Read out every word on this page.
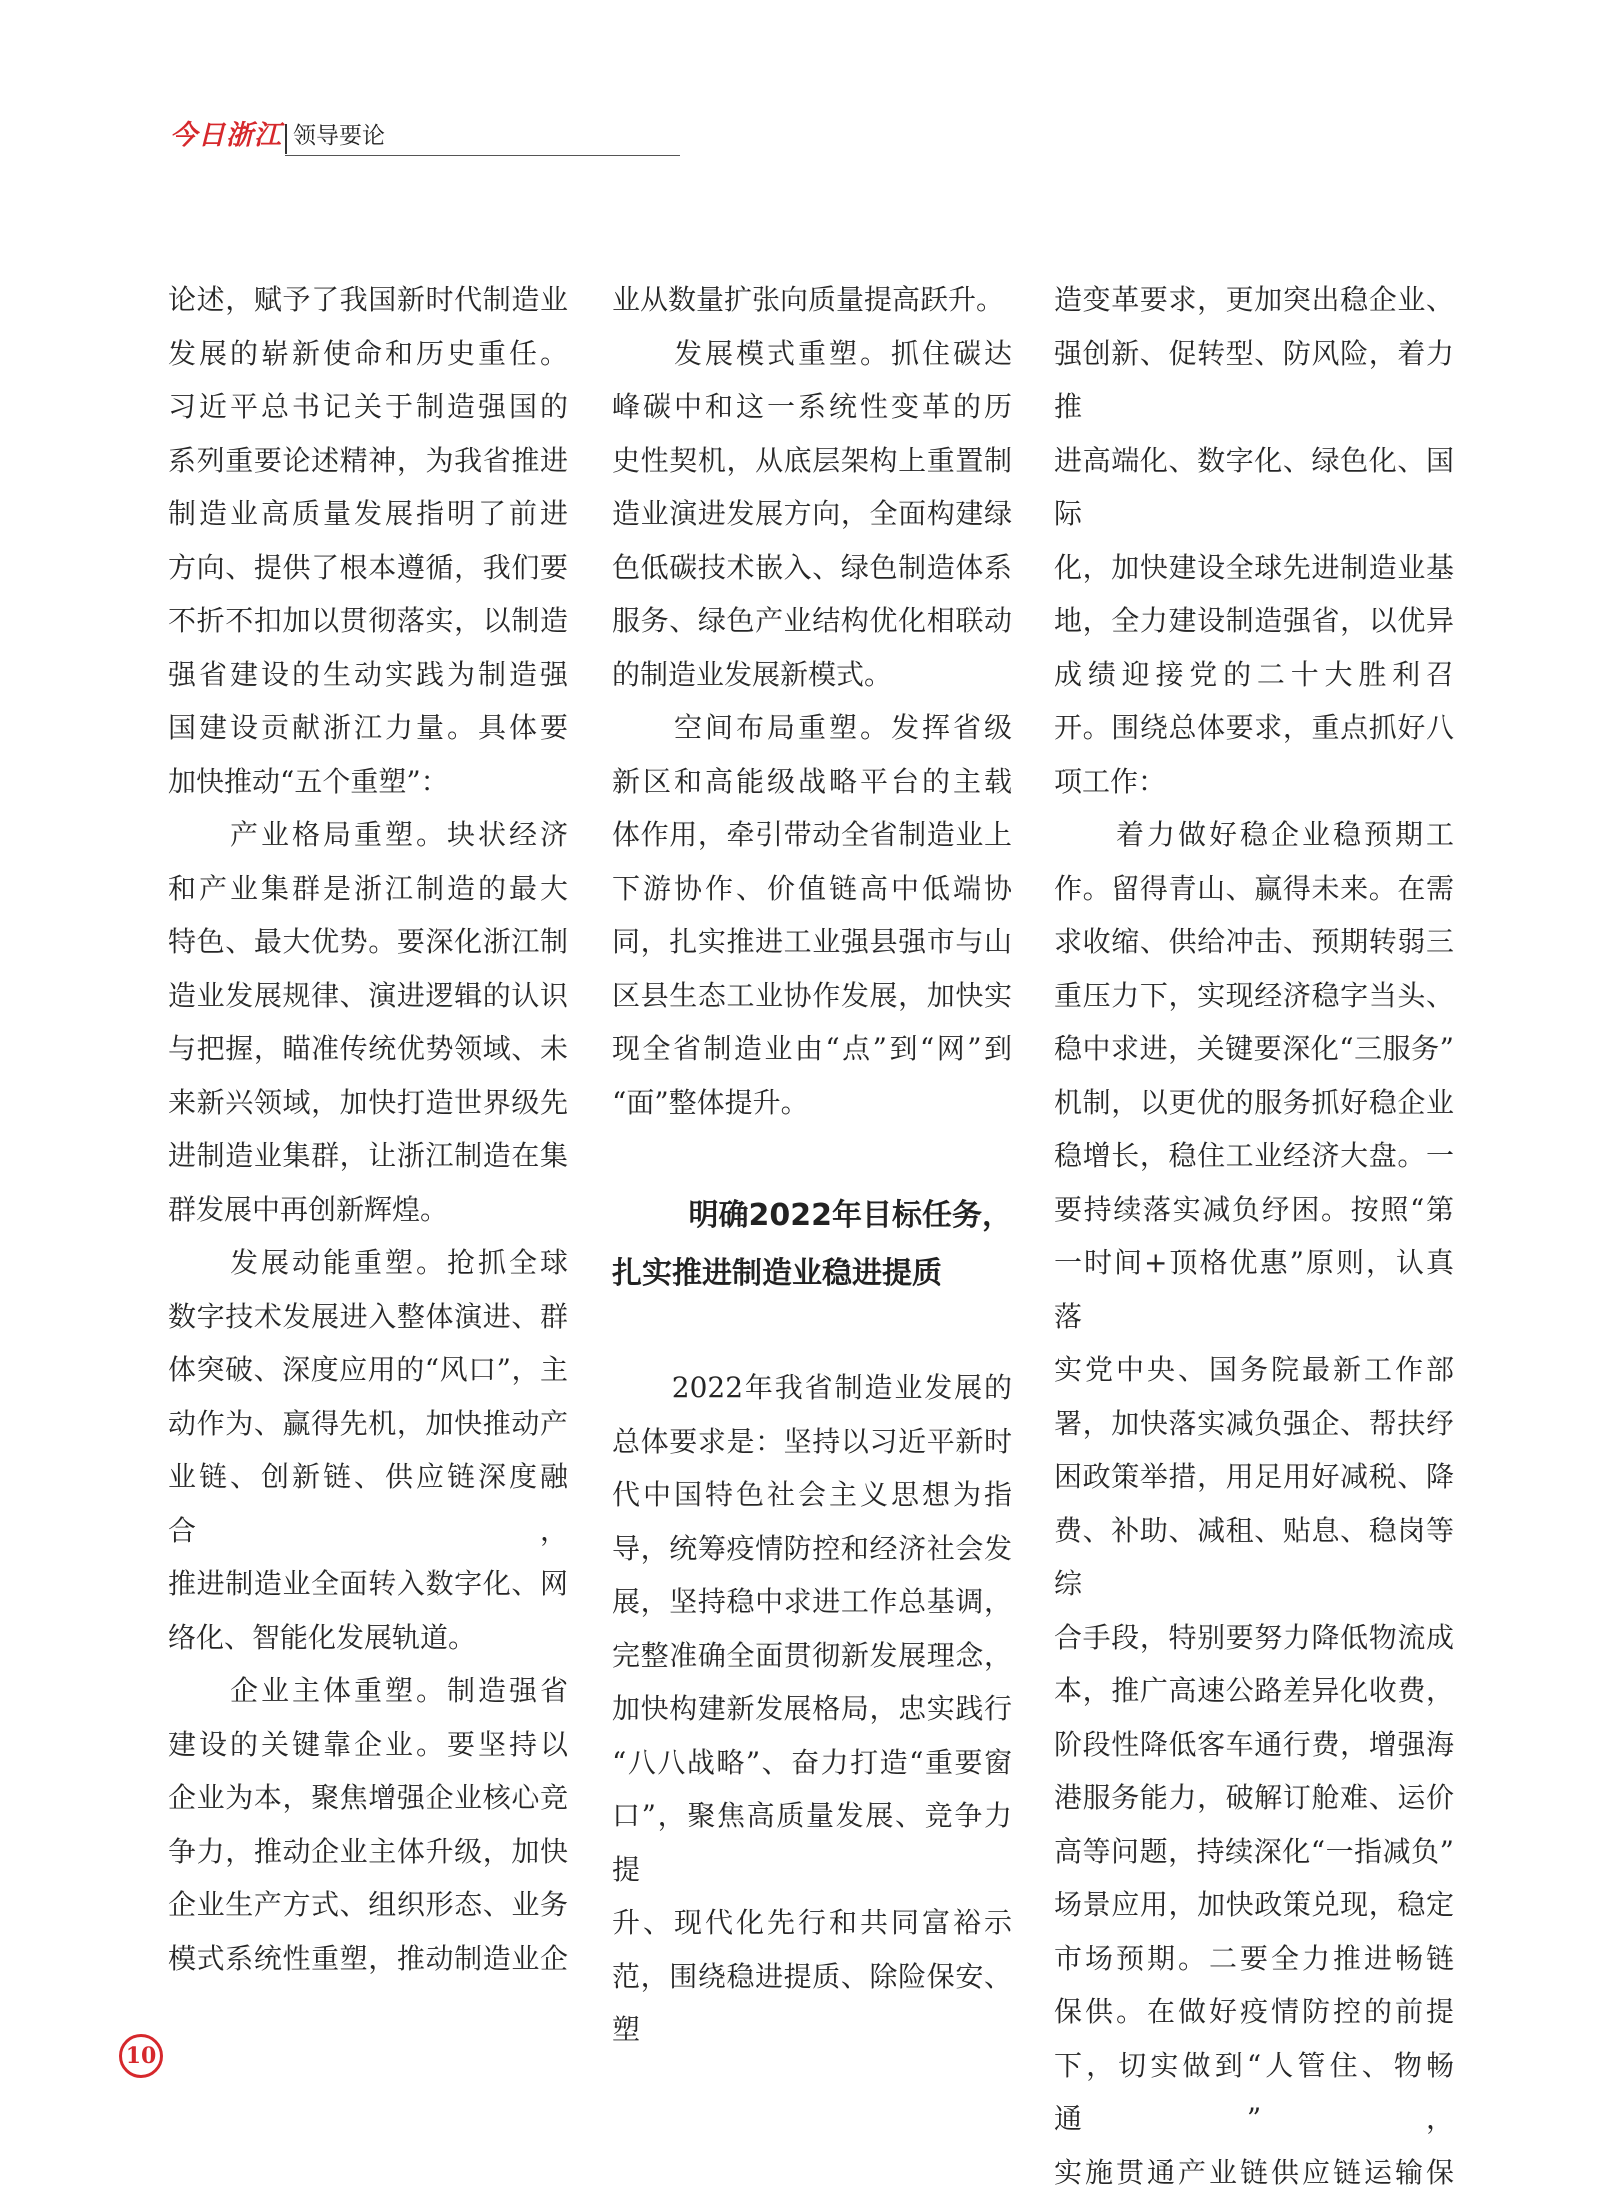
今日浙江 领导要论

论述，赋予了我国新时代制造业

发展的崭新使命和历史重任。

习近平总书记关于制造强国的

系列重要论述精神，为我省推进

制造业高质量发展指明了前进

方向、提供了根本遵循，我们要

不折不扣加以贯彻落实，以制造

强省建设的生动实践为制造强

国建设贡献浙江力量。具体要

加快推动“五个重塑”：

　　产业格局重塑。块状经济

和产业集群是浙江制造的最大

特色、最大优势。要深化浙江制

造业发展规律、演进逻辑的认识

与把握，瞄准传统优势领域、未

来新兴领域，加快打造世界级先

进制造业集群，让浙江制造在集

群发展中再创新辉煌。

　　发展动能重塑。抢抓全球

数字技术发展进入整体演进、群

体突破、深度应用的“风口”，主

动作为、赢得先机，加快推动产

业链、创新链、供应链深度融合，

推进制造业全面转入数字化、网

络化、智能化发展轨道。

　　企业主体重塑。制造强省

建设的关键靠企业。要坚持以

企业为本，聚焦增强企业核心竞

争力，推动企业主体升级，加快

企业生产方式、组织形态、业务

模式系统性重塑，推动制造业企

业从数量扩张向质量提高跃升。

　　发展模式重塑。抓住碳达

峰碳中和这一系统性变革的历

史性契机，从底层架构上重置制

造业演进发展方向，全面构建绿

色低碳技术嵌入、绿色制造体系

服务、绿色产业结构优化相联动

的制造业发展新模式。

　　空间布局重塑。发挥省级

新区和高能级战略平台的主载

体作用，牵引带动全省制造业上

下游协作、价值链高中低端协

同，扎实推进工业强县强市与山

区县生态工业协作发展，加快实

现全省制造业由“点”到“网”到

“面”整体提升。

明确2022年目标任务，

扎实推进制造业稳进提质

　　2022年我省制造业发展的

总体要求是：坚持以习近平新时

代中国特色社会主义思想为指

导，统筹疫情防控和经济社会发

展，坚持稳中求进工作总基调，

完整准确全面贯彻新发展理念，

加快构建新发展格局，忠实践行

“八八战略”、奋力打造“重要窗

口”，聚焦高质量发展、竞争力提

升、现代化先行和共同富裕示

范，围绕稳进提质、除险保安、塑

造变革要求，更加突出稳企业、

强创新、促转型、防风险，着力推

进高端化、数字化、绿色化、国际

化，加快建设全球先进制造业基

地，全力建设制造强省，以优异

成绩迎接党的二十大胜利召

开。围绕总体要求，重点抓好八

项工作：

　　着力做好稳企业稳预期工

作。留得青山、赢得未来。在需

求收缩、供给冲击、预期转弱三

重压力下，实现经济稳字当头、

稳中求进，关键要深化“三服务”

机制，以更优的服务抓好稳企业

稳增长，稳住工业经济大盘。一

要持续落实减负纾困。按照“第

一时间+顶格优惠”原则，认真落

实党中央、国务院最新工作部

署，加快落实减负强企、帮扶纾

困政策举措，用足用好减税、降

费、补助、减租、贴息、稳岗等综

合手段，特别要努力降低物流成

本，推广高速公路差异化收费，

阶段性降低客车通行费，增强海

港服务能力，破解订舱难、运价

高等问题，持续深化“一指减负”

场景应用，加快政策兑现，稳定

市场预期。二要全力推进畅链

保供。在做好疫情防控的前提

下，切实做到“人管住、物畅通”，

实施贯通产业链供应链运输保

10
